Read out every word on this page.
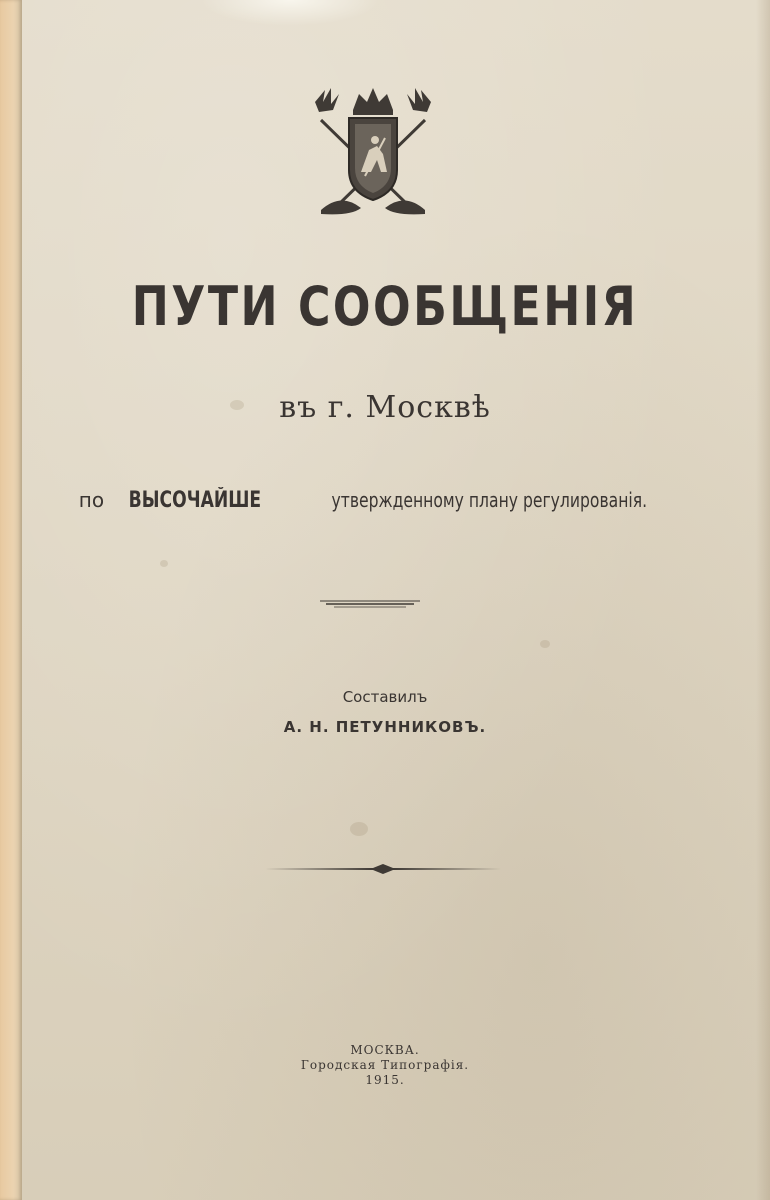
ПУТИ СООБЩЕНІЯ
въ г. Москвѣ
по ВЫСОЧАЙШЕ	утвержденному плану регулированія.
Составилъ
А. Н. ПЕТУННИКОВЪ.
МОСКВА.
Городская Типографія.
1915.
